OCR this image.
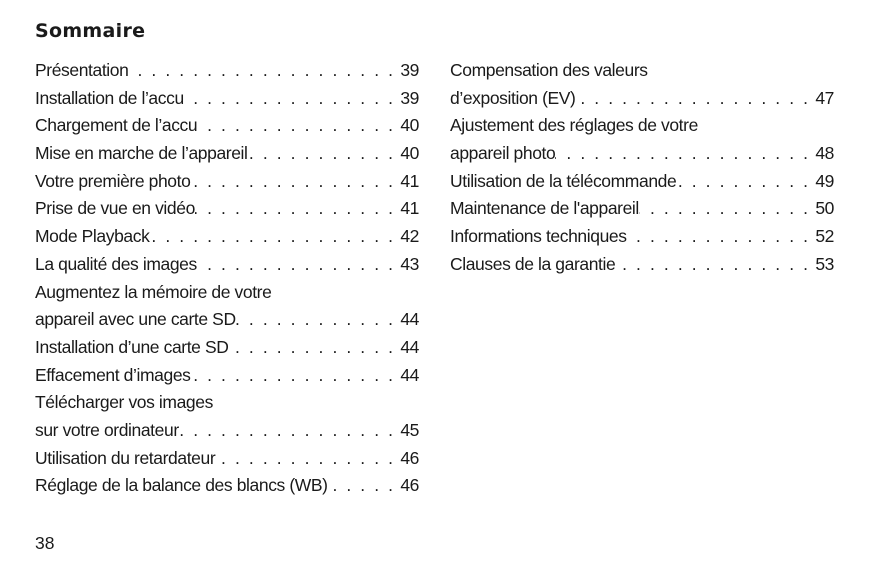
Sommaire
Présentation . . .	39
Installation de l’accu . . .	39
Chargement de l’accu . . .	40
Mise en marche de l’appareil . . .	40
Votre première photo . . .	41
Prise de vue en vidéo . . .	41
Mode Playback . . .	42
La qualité des images . . .	43
Augmentez la mémoire de votre
appareil avec une carte SD . . .	44
Installation d’une carte SD . . .	44
Effacement d’images . . .	44
Télécharger vos images
sur votre ordinateur . . .	45
Utilisation du retardateur . . .	46
Réglage de la balance des blancs (WB) . . .	46
Compensation des valeurs
d’exposition (EV) . . .	47
Ajustement des réglages de votre
appareil photo . . .	48
Utilisation de la télécommande . . .	49
Maintenance de l'appareil . . .	50
Informations techniques . . .	52
Clauses de la garantie . . .	53

38
